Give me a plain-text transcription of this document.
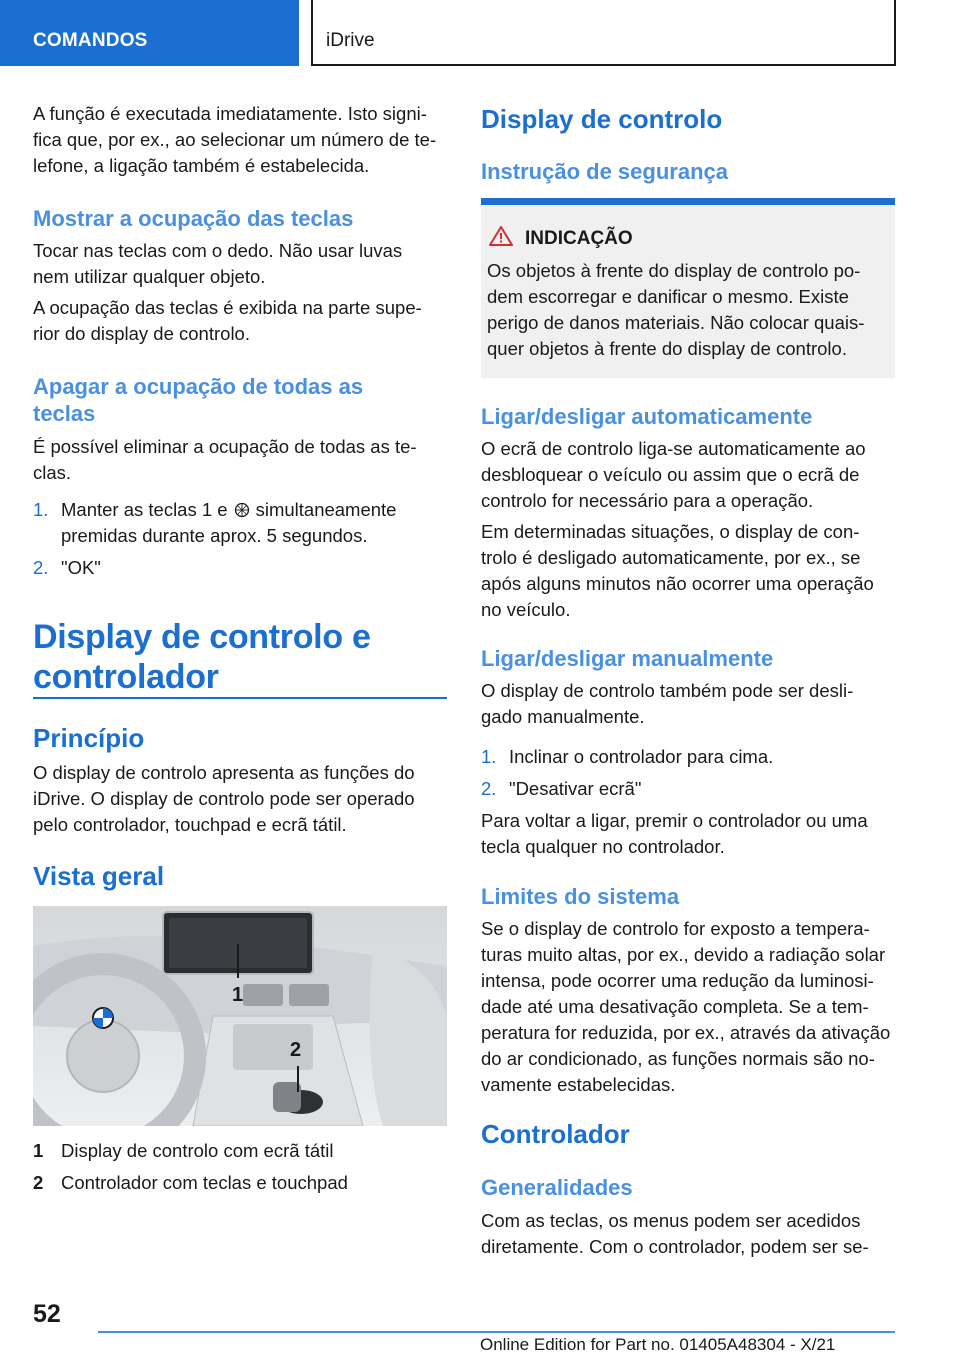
COMANDOS	iDrive
A função é executada imediatamente. Isto signi-
fica que, por ex., ao selecionar um número de te-
lefone, a ligação também é estabelecida.
Mostrar a ocupação das teclas
Tocar nas teclas com o dedo. Não usar luvas
nem utilizar qualquer objeto.
A ocupação das teclas é exibida na parte supe-
rior do display de controlo.
Apagar a ocupação de todas as
teclas
É possível eliminar a ocupação de todas as te-
clas.
1. Manter as teclas 1 e simultaneamente
premidas durante aprox. 5 segundos.
2. "OK"
Display de controlo e
controlador
Princípio
O display de controlo apresenta as funções do
iDrive. O display de controlo pode ser operado
pelo controlador, touchpad e ecrã tátil.
Vista geral
1
2
1 Display de controlo com ecrã tátil
2 Controlador com teclas e touchpad
Display de controlo
Instrução de segurança
INDICAÇÃO
Os objetos à frente do display de controlo po-
dem escorregar e danificar o mesmo. Existe
perigo de danos materiais. Não colocar quais-
quer objetos à frente do display de controlo.
Ligar/desligar automaticamente
O ecrã de controlo liga-se automaticamente ao
desbloquear o veículo ou assim que o ecrã de
controlo for necessário para a operação.
Em determinadas situações, o display de con-
trolo é desligado automaticamente, por ex., se
após alguns minutos não ocorrer uma operação
no veículo.
Ligar/desligar manualmente
O display de controlo também pode ser desli-
gado manualmente.
1. Inclinar o controlador para cima.
2. "Desativar ecrã"
Para voltar a ligar, premir o controlador ou uma
tecla qualquer no controlador.
Limites do sistema
Se o display de controlo for exposto a tempera-
turas muito altas, por ex., devido a radiação solar
intensa, pode ocorrer uma redução da luminosi-
dade até uma desativação completa. Se a tem-
peratura for reduzida, por ex., através da ativação
do ar condicionado, as funções normais são no-
vamente estabelecidas.
Controlador
Generalidades
Com as teclas, os menus podem ser acedidos
diretamente. Com o controlador, podem ser se-
52
Online Edition for Part no. 01405A48304 - X/21
